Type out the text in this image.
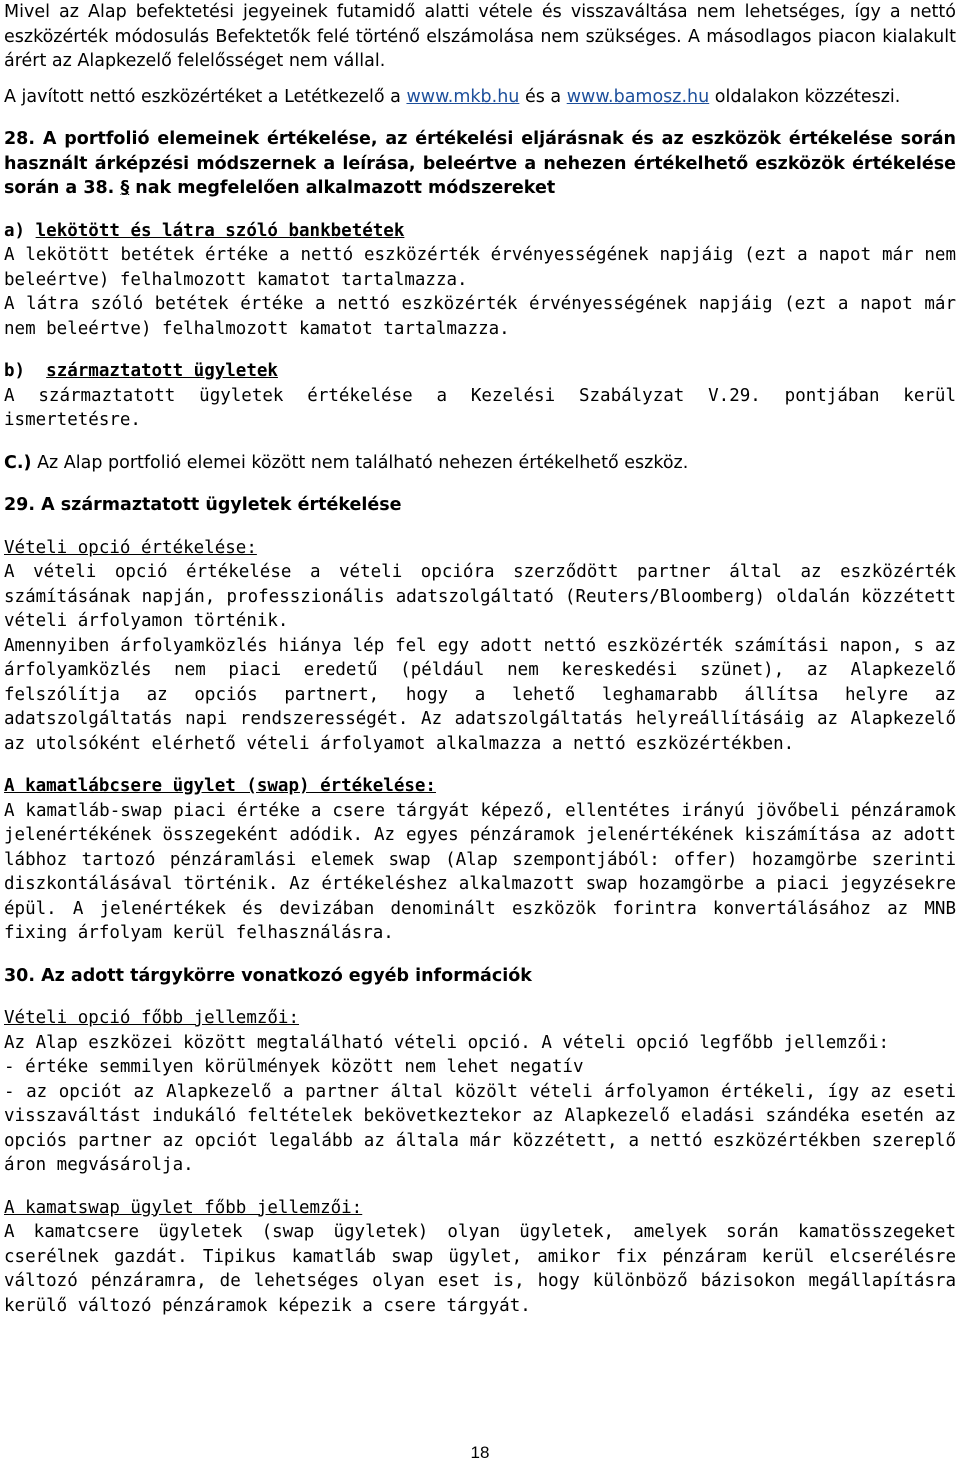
Mivel az Alap befektetési jegyeinek futamidő alatti vétele és visszaváltása nem lehetséges, így a nettó eszközérték módosulás Befektetők felé történő elszámolása nem szükséges. A másodlagos piacon kialakult árért az Alapkezelő felelősséget nem vállal.

A javított nettó eszközértéket a Letétkezelő a www.mkb.hu és a www.bamosz.hu oldalakon közzéteszi.

28. A portfolió elemeinek értékelése, az értékelési eljárásnak és az eszközök értékelése során használt árképzési módszernek a leírása, beleértve a nehezen értékelhető eszközök értékelése során a 38. § nak megfelelően alkalmazott módszereket

a) lekötött és látra szóló bankbetétek

A lekötött betétek értéke a nettó eszközérték érvényességének napjáig (ezt a napot már nem beleértve) felhalmozott kamatot tartalmazza.

A látra szóló betétek értéke a nettó eszközérték érvényességének napjáig (ezt a napot már nem beleértve) felhalmozott kamatot tartalmazza.

b) származtatott ügyletek

A származtatott ügyletek értékelése a Kezelési Szabályzat V.29. pontjában kerül ismertetésre.

C.) Az Alap portfolió elemei között nem található nehezen értékelhető eszköz.

29. A származtatott ügyletek értékelése

Vételi opció értékelése:

A vételi opció értékelése a vételi opcióra szerződött partner által az eszközérték számításának napján, professzionális adatszolgáltató (Reuters/Bloomberg) oldalán közzétett vételi árfolyamon történik.

Amennyiben árfolyamközlés hiánya lép fel egy adott nettó eszközérték számítási napon, s az árfolyamközlés nem piaci eredetű (például nem kereskedési szünet), az Alapkezelő felszólítja az opciós partnert, hogy a lehető leghamarabb állítsa helyre az adatszolgáltatás napi rendszerességét. Az adatszolgáltatás helyreállításáig az Alapkezelő az utolsóként elérhető vételi árfolyamot alkalmazza a nettó eszközértékben.

A kamatlábcsere ügylet (swap) értékelése:

A kamatláb-swap piaci értéke a csere tárgyát képező, ellentétes irányú jövőbeli pénzáramok jelenértékének összegeként adódik. Az egyes pénzáramok jelenértékének kiszámítása az adott lábhoz tartozó pénzáramlási elemek swap (Alap szempontjából: offer) hozamgörbe szerinti diszkontálásával történik. Az értékeléshez alkalmazott swap hozamgörbe a piaci jegyzésekre épül. A jelenértékek és devizában denominált eszközök forintra konvertálásához az MNB fixing árfolyam kerül felhasználásra.

30. Az adott tárgykörre vonatkozó egyéb információk

Vételi opció főbb jellemzői:

Az Alap eszközei között megtalálható vételi opció. A vételi opció legfőbb jellemzői:

- értéke semmilyen körülmények között nem lehet negatív

- az opciót az Alapkezelő a partner által közölt vételi árfolyamon értékeli, így az eseti visszaváltást indukáló feltételek bekövetkeztekor az Alapkezelő eladási szándéka esetén az opciós partner az opciót legalább az általa már közzétett, a nettó eszközértékben szereplő áron megvásárolja.

A kamatswap ügylet főbb jellemzői:

A kamatcsere ügyletek (swap ügyletek) olyan ügyletek, amelyek során kamatösszegeket cserélnek gazdát. Tipikus kamatláb swap ügylet, amikor fix pénzáram kerül elcserélésre változó pénzáramra, de lehetséges olyan eset is, hogy különböző bázisokon megállapításra kerülő változó pénzáramok képezik a csere tárgyát.

18
